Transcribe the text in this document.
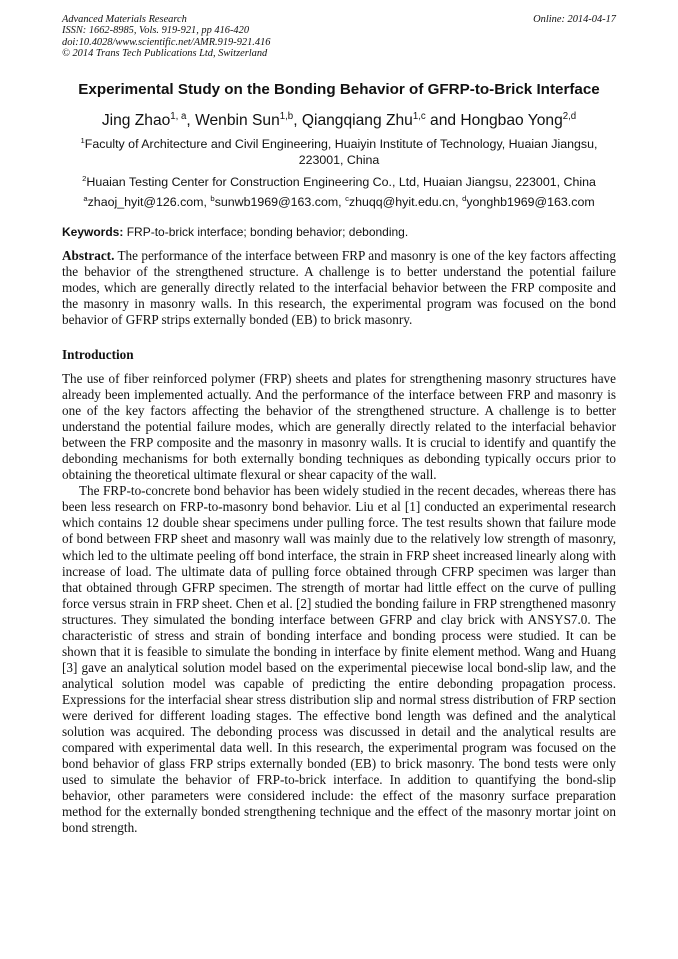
Online: 2014-04-17
Advanced Materials Research
ISSN: 1662-8985, Vols. 919-921, pp 416-420
doi:10.4028/www.scientific.net/AMR.919-921.416
© 2014 Trans Tech Publications Ltd, Switzerland
Experimental Study on the Bonding Behavior of GFRP-to-Brick Interface
Jing Zhao$^{1, a}$, Wenbin Sun$^{1,b}$, Qiangqiang Zhu$^{1,c}$ and Hongbao Yong$^{2,d}$
$^1$Faculty of Architecture and Civil Engineering, Huaiyin Institute of Technology, Huaian Jiangsu, 223001, China
$^2$Huaian Testing Center for Construction Engineering Co., Ltd, Huaian Jiangsu, 223001, China
$^a$zhaoj_hyit@126.com, $^b$sunwb1969@163.com, $^c$zhuqq@hyit.edu.cn, $^d$yonghb1969@163.com
Keywords: FRP-to-brick interface; bonding behavior; debonding.
Abstract. The performance of the interface between FRP and masonry is one of the key factors affecting the behavior of the strengthened structure. A challenge is to better understand the potential failure modes, which are generally directly related to the interfacial behavior between the FRP composite and the masonry in masonry walls. In this research, the experimental program was focused on the bond behavior of GFRP strips externally bonded (EB) to brick masonry.
Introduction

The use of fiber reinforced polymer (FRP) sheets and plates for strengthening masonry structures have already been implemented actually. And the performance of the interface between FRP and masonry is one of the key factors affecting the behavior of the strengthened structure. A challenge is to better understand the potential failure modes, which are generally directly related to the interfacial behavior between the FRP composite and the masonry in masonry walls. It is crucial to identify and quantify the debonding mechanisms for both externally bonding techniques as debonding typically occurs prior to obtaining the theoretical ultimate flexural or shear capacity of the wall.

The FRP-to-concrete bond behavior has been widely studied in the recent decades, whereas there has been less research on FRP-to-masonry bond behavior. Liu et al [1] conducted an experimental research which contains 12 double shear specimens under pulling force. The test results shown that failure mode of bond between FRP sheet and masonry wall was mainly due to the relatively low strength of masonry, which led to the ultimate peeling off bond interface, the strain in FRP sheet increased linearly along with increase of load. The ultimate data of pulling force obtained through CFRP specimen was larger than that obtained through GFRP specimen. The strength of mortar had little effect on the curve of pulling force versus strain in FRP sheet. Chen et al. [2] studied the bonding failure in FRP strengthened masonry structures. They simulated the bonding interface between GFRP and clay brick with ANSYS7.0. The characteristic of stress and strain of bonding interface and bonding process were studied. It can be shown that it is feasible to simulate the bonding in interface by finite element method. Wang and Huang [3] gave an analytical solution model based on the experimental piecewise local bond-slip law, and the analytical solution model was capable of predicting the entire debonding propagation process. Expressions for the interfacial shear stress distribution slip and normal stress distribution of FRP section were derived for different loading stages. The effective bond length was defined and the analytical solution was acquired. The debonding process was discussed in detail and the analytical results are compared with experimental data well. In this research, the experimental program was focused on the bond behavior of glass FRP strips externally bonded (EB) to brick masonry. The bond tests were only used to simulate the behavior of FRP-to-brick interface. In addition to quantifying the bond-slip behavior, other parameters were considered include: the effect of the masonry surface preparation method for the externally bonded strengthening technique and the effect of the masonry mortar joint on bond strength.
